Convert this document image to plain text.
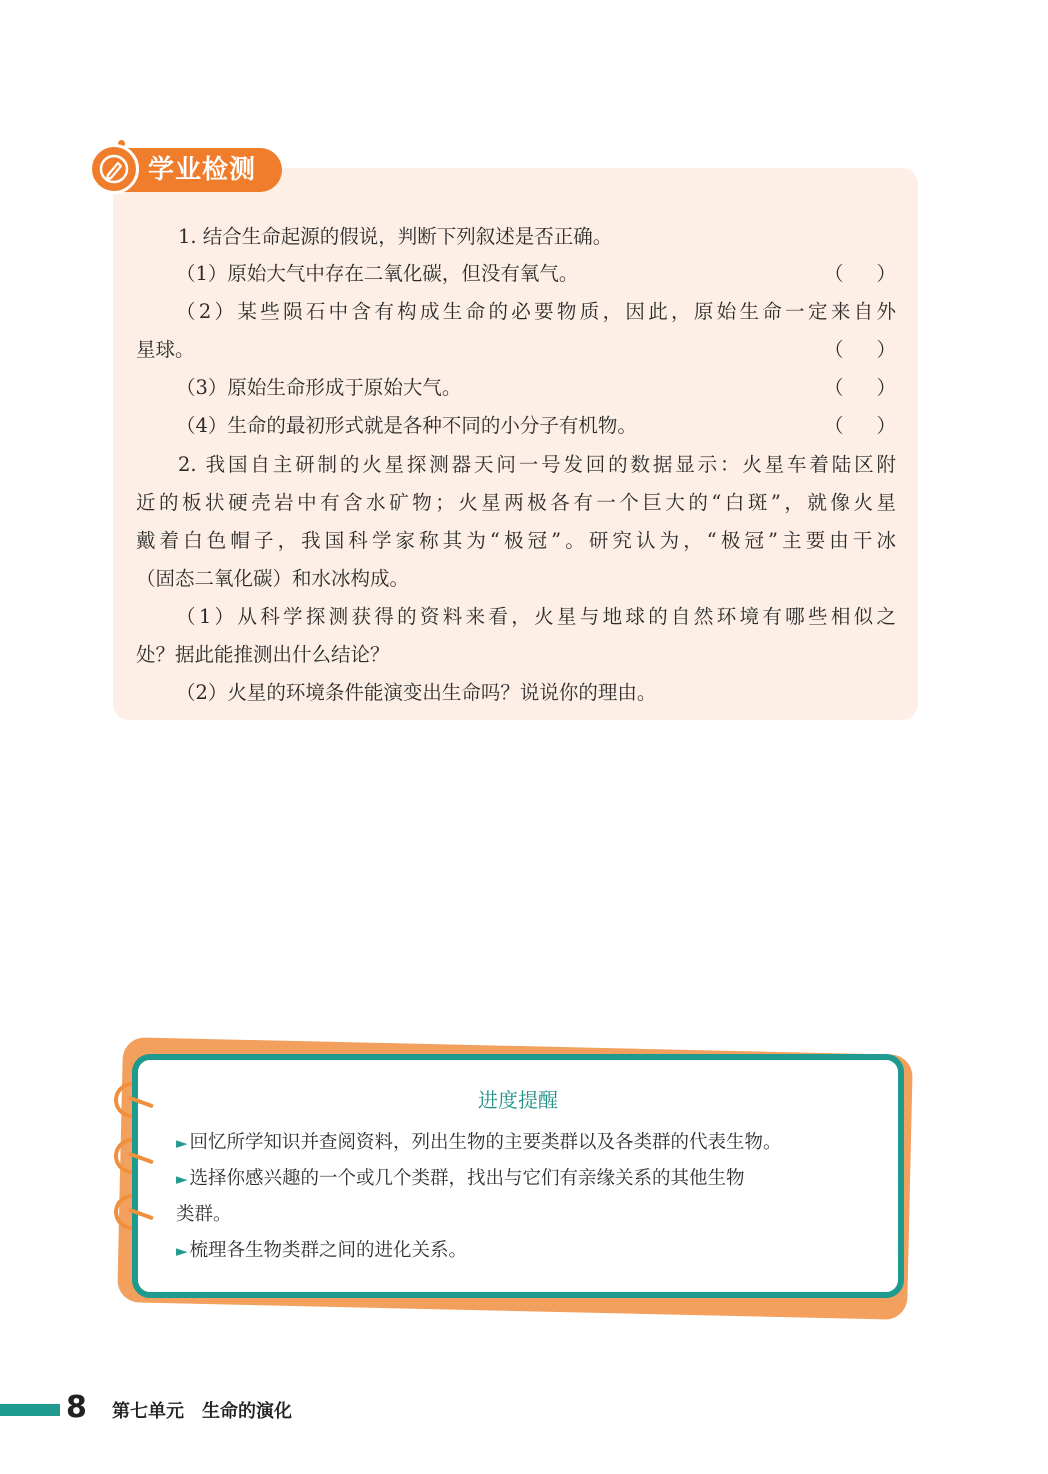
学业检测
1. 结合生命起源的假说，判断下列叙述是否正确。
（1）原始大气中存在二氧化碳，但没有氧气。	（ ）
（2）某些陨石中含有构成生命的必要物质，因此，原始生命一定来自外
星球。	（ ）
（3）原始生命形成于原始大气。	（ ）
（4）生命的最初形式就是各种不同的小分子有机物。	（ ）
2. 我国自主研制的火星探测器天问一号发回的数据显示：火星车着陆区附
近的板状硬壳岩中有含水矿物；火星两极各有一个巨大的“白斑”，就像火星
戴着白色帽子，我国科学家称其为“极冠”。研究认为，“极冠”主要由干冰
（固态二氧化碳）和水冰构成。
（1）从科学探测获得的资料来看，火星与地球的自然环境有哪些相似之
处？据此能推测出什么结论？
（2）火星的环境条件能演变出生命吗？说说你的理由。
进度提醒
► 回忆所学知识并查阅资料，列出生物的主要类群以及各类群的代表生物。
► 选择你感兴趣的一个或几个类群，找出与它们有亲缘关系的其他生物
类群。
► 梳理各生物类群之间的进化关系。
8 第七单元　生命的演化
